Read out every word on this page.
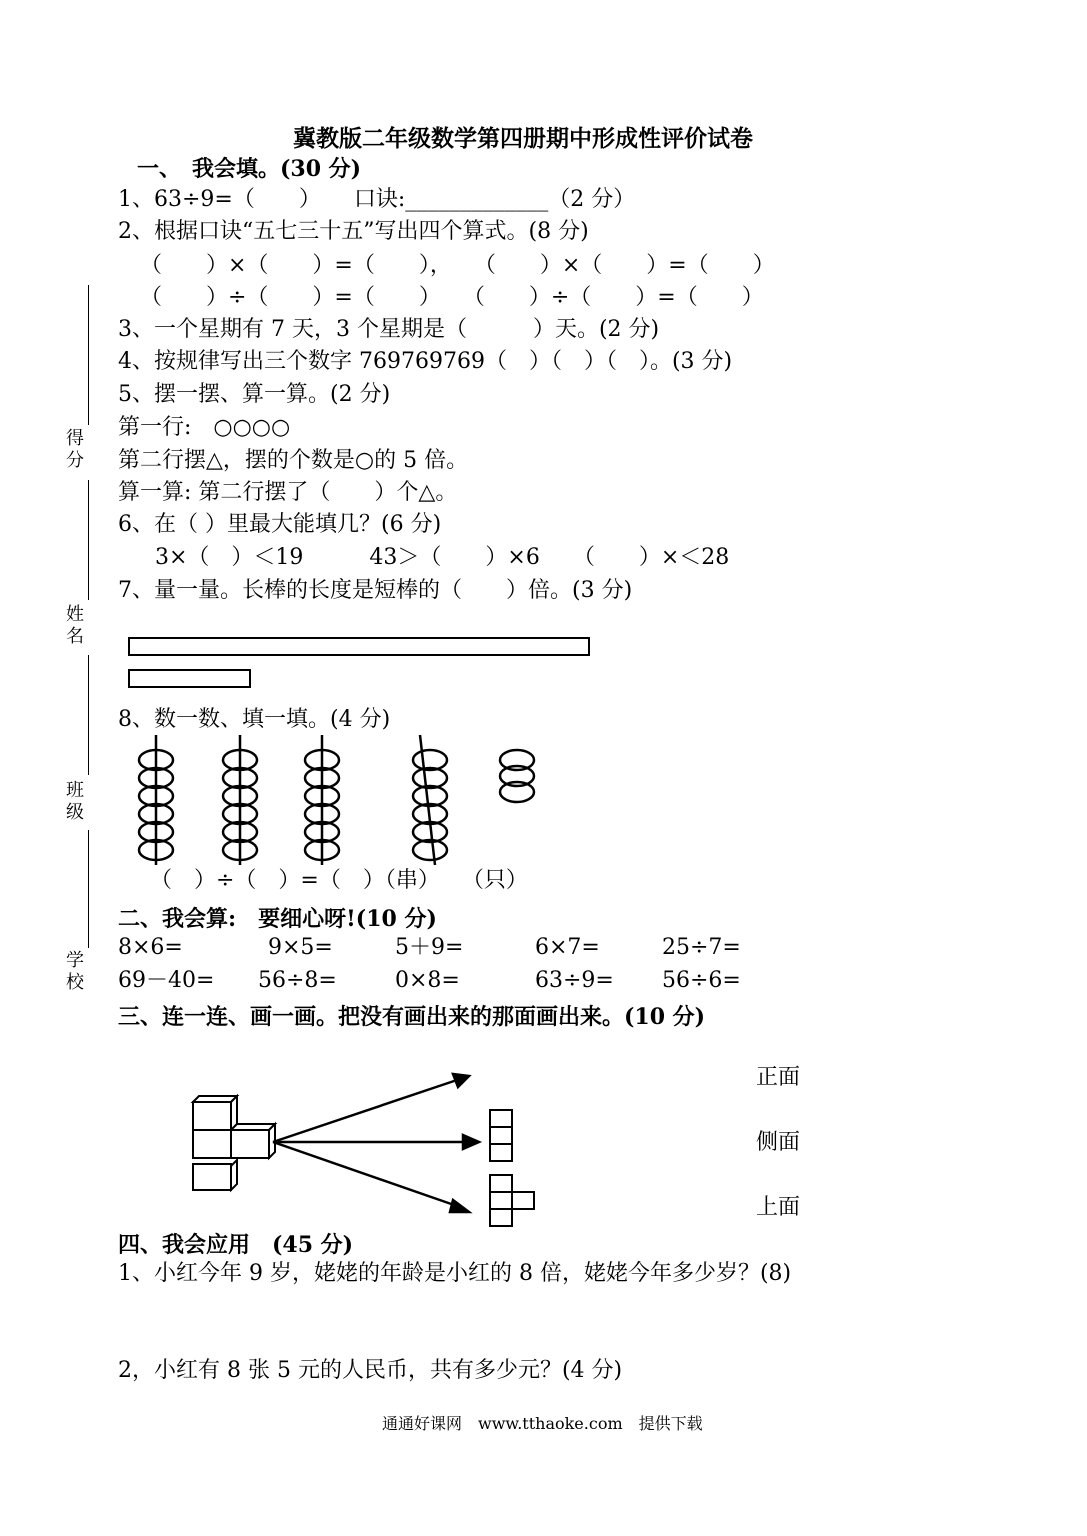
得分
姓名
班级
学校
冀教版二年级数学第四册期中形成性评价试卷
一、　我会填。(30 分)
1、63÷9=（　　）　　口诀:_____________（2 分）
2、根据口诀“五七三十五”写出四个算式。(8 分)
（　　）×（　　）=（　　），　　（　　）×（　　）=（　　）
（　　）÷（　　）=（　　）　　（　　）÷（　　）=（　　）
3、一个星期有 7 天，3 个星期是（　　　）天。(2 分)
4、按规律写出三个数字 769769769（　）（　）（　）。(3 分)
5、摆一摆、算一算。(2 分)
第一行:　○○○○
第二行摆△，摆的个数是○的 5 倍。
算一算: 第二行摆了（　　）个△。
6、在（ ）里最大能填几？(6 分)
3×（　）＜19　　　43＞（　　）×6　　（　　）×＜28
7、量一量。长棒的长度是短棒的（　　）倍。(3 分)
8、数一数、填一填。(4 分)
（　）÷（　）=（　）（串）　　（只）
二、我会算:　要细心呀!(10 分)
8×6=	9×5=	5＋9=	6×7=	25÷7=
69－40= 56÷8=	0×8=	63÷9= 56÷6=
三、连一连、画一画。把没有画出来的那面画出来。(10 分)
正面
侧面
上面
四、我会应用　(45 分)
1、小红今年 9 岁，姥姥的年龄是小红的 8 倍，姥姥今年多少岁？(8)
2，小红有 8 张 5 元的人民币，共有多少元？(4 分)
通通好课网　www.tthaoke.com　提供下载
